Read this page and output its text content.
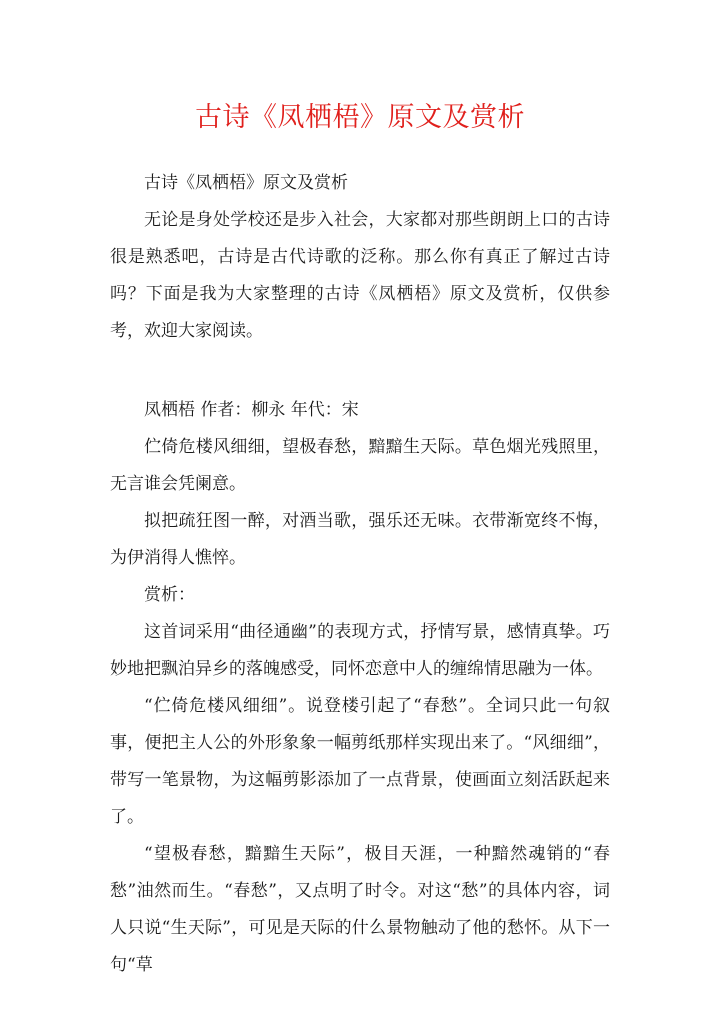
古诗《凤栖梧》原文及赏析

古诗《凤栖梧》原文及赏析

无论是身处学校还是步入社会，大家都对那些朗朗上口的古诗很是熟悉吧，古诗是古代诗歌的泛称。那么你有真正了解过古诗吗？下面是我为大家整理的古诗《凤栖梧》原文及赏析，仅供参考，欢迎大家阅读。

凤栖梧 作者：柳永 年代：宋

伫倚危楼风细细，望极春愁，黯黯生天际。草色烟光残照里，无言谁会凭阑意。

拟把疏狂图一醉，对酒当歌，强乐还无味。衣带渐宽终不悔，为伊消得人憔悴。

赏析：

这首词采用“曲径通幽”的表现方式，抒情写景，感情真挚。巧妙地把飘泊异乡的落魄感受，同怀恋意中人的缠绵情思融为一体。

“伫倚危楼风细细”。说登楼引起了“春愁”。全词只此一句叙事，便把主人公的外形象象一幅剪纸那样实现出来了。“风细细”，带写一笔景物，为这幅剪影添加了一点背景，使画面立刻活跃起来了。

“望极春愁，黯黯生天际”，极目天涯，一种黯然魂销的“春愁”油然而生。“春愁”，又点明了时令。对这“愁”的具体内容，词人只说“生天际”，可见是天际的什么景物触动了他的愁怀。从下一句“草
